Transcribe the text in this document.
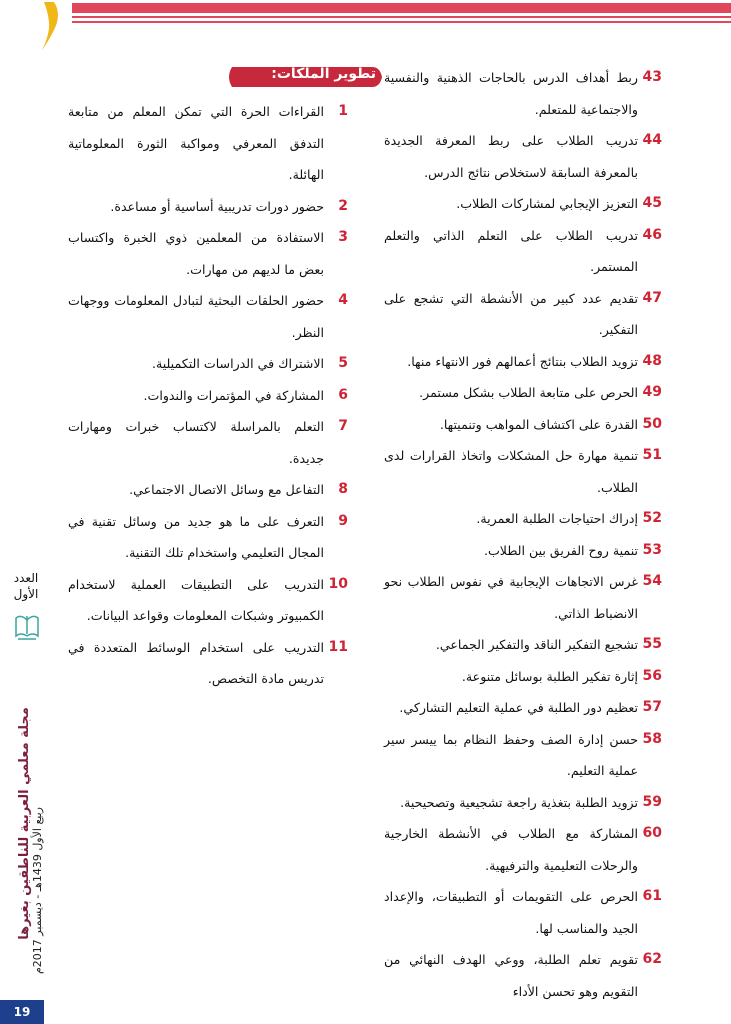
43
ربط أهداف الدرس بالحاجات الذهنية والنفسية والاجتماعية للمتعلم.
44
تدريب الطلاب على ربط المعرفة الجديدة بالمعرفة السابقة لاستخلاص نتائج الدرس.
45
التعزيز الإيجابي لمشاركات الطلاب.
46
تدريب الطلاب على التعلم الذاتي والتعلم المستمر.
47
تقديم عدد كبير من الأنشطة التي تشجع على التفكير.
48
تزويد الطلاب بنتائج أعمالهم فور الانتهاء منها.
49
الحرص على متابعة الطلاب بشكل مستمر.
50
القدرة على اكتشاف المواهب وتنميتها.
51
تنمية مهارة حل المشكلات واتخاذ القرارات لدى الطلاب.
52
إدراك احتياجات الطلبة العمرية.
53
تنمية روح الفريق بين الطلاب.
54
غرس الاتجاهات الإيجابية في نفوس الطلاب نحو الانضباط الذاتي.
55
تشجيع التفكير الناقد والتفكير الجماعي.
56
إثارة تفكير الطلبة بوسائل متنوعة.
57
تعظيم دور الطلبة في عملية التعليم التشاركي.
58
حسن إدارة الصف وحفظ النظام بما ييسر سير عملية التعليم.
59
تزويد الطلبة بتغذية راجعة تشجيعية وتصحيحية.
60
المشاركة مع الطلاب في الأنشطة الخارجية والرحلات التعليمية والترفيهية.
61
الحرص على التقويمات أو التطبيقات، والإعداد الجيد والمناسب لها.
62
تقويم تعلم الطلبة، ووعي الهدف النهائي من التقويم وهو تحسن الأداء
تطوير الملكات:
1
القراءات الحرة التي تمكن المعلم من متابعة التدفق المعرفي ومواكبة الثورة المعلوماتية الهائلة.
2
حضور دورات تدريبية أساسية أو مساعدة.
3
الاستفادة من المعلمين ذوي الخبرة واكتساب بعض ما لديهم من مهارات.
4
حضور الحلقات البحثية لتبادل المعلومات ووجهات النظر.
5
الاشتراك في الدراسات التكميلية.
6
المشاركة في المؤتمرات والندوات.
7
التعلم بالمراسلة لاكتساب خبرات ومهارات جديدة.
8
التفاعل مع وسائل الاتصال الاجتماعي.
9
التعرف على ما هو جديد من وسائل تقنية في المجال التعليمي واستخدام تلك التقنية.
10
التدريب على التطبيقات العملية لاستخدام الكمبيوتر وشبكات المعلومات وقواعد البيانات.
11
التدريب على استخدام الوسائط المتعددة في تدريس مادة التخصص.
العدد
الأول
مجلة معلمي العربية للناطقين بغيرها
ربيع الأول 1439هـ - ديسمبر 2017م
19
